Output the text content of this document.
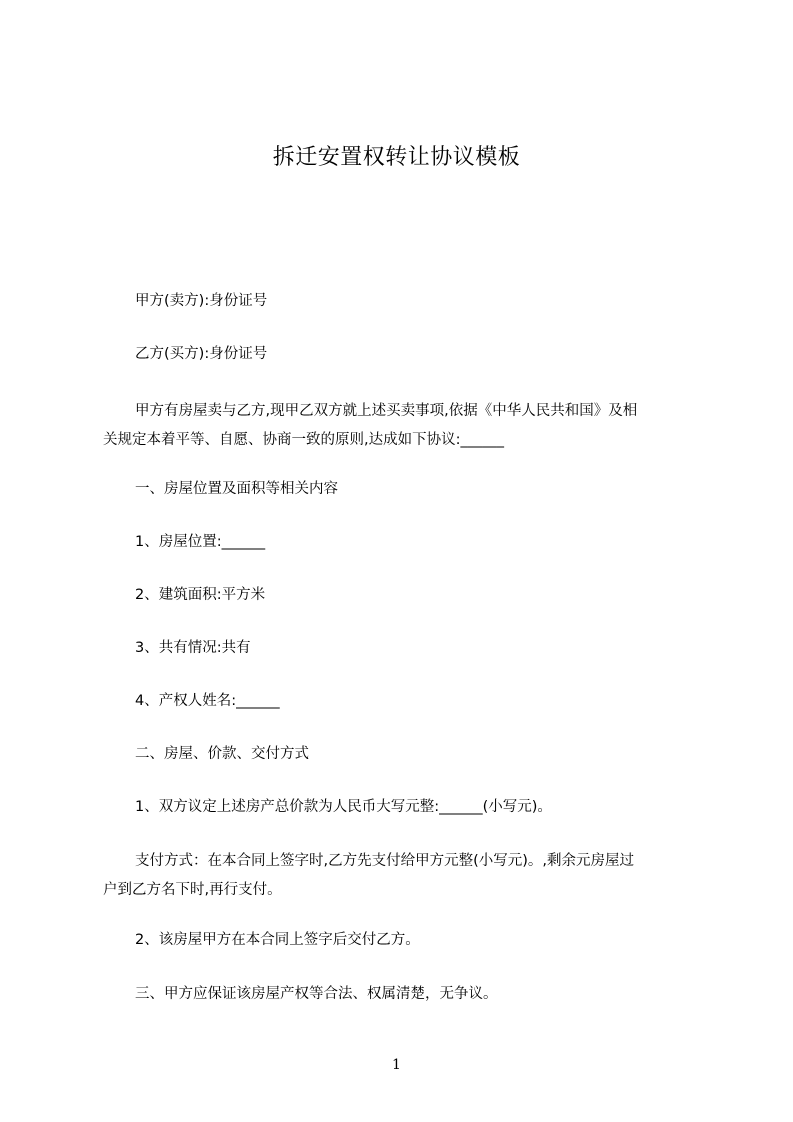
拆迁安置权转让协议模板
甲方(卖方):身份证号
乙方(买方):身份证号
甲方有房屋卖与乙方,现甲乙双方就上述买卖事项,依据《中华人民共和国》及相
关规定本着平等、自愿、协商一致的原则,达成如下协议:______
一、房屋位置及面积等相关内容
1、房屋位置:______
2、建筑面积:平方米
3、共有情况:共有
4、产权人姓名:______
二、房屋、价款、交付方式
1、双方议定上述房产总价款为人民币大写元整:______(小写元)。
支付方式：在本合同上签字时,乙方先支付给甲方元整(小写元)。,剩余元房屋过
户到乙方名下时,再行支付。
2、该房屋甲方在本合同上签字后交付乙方。
三、甲方应保证该房屋产权等合法、权属清楚，无争议。
1
